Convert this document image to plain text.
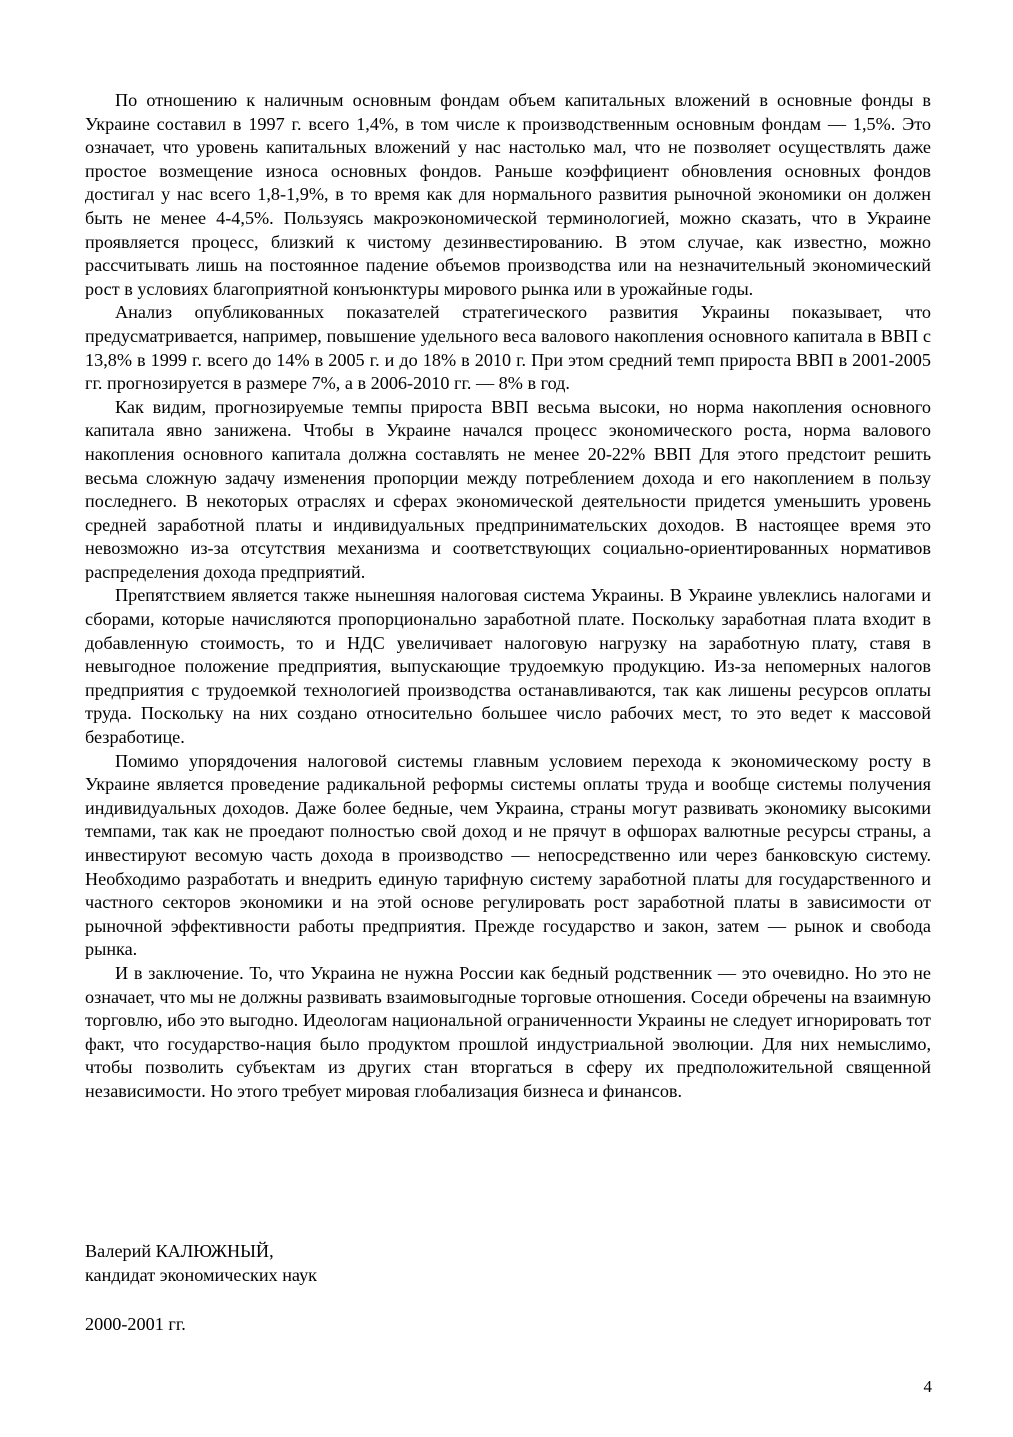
По отношению к наличным основным фондам объем капитальных вложений в основные фонды в Украине составил в 1997 г. всего 1,4%, в том числе к производственным основным фондам — 1,5%. Это означает, что уровень капитальных вложений у нас настолько мал, что не позволяет осуществлять даже простое возмещение износа основных фондов. Раньше коэффициент обновления основных фондов достигал у нас всего 1,8-1,9%, в то время как для нормального развития рыночной экономики он должен быть не менее 4-4,5%. Пользуясь макроэкономической терминологией, можно сказать, что в Украине проявляется процесс, близкий к чистому дезинвестированию. В этом случае, как известно, можно рассчитывать лишь на постоянное падение объемов производства или на незначительный экономический рост в условиях благоприятной конъюнктуры мирового рынка или в урожайные годы.

Анализ опубликованных показателей стратегического развития Украины показывает, что предусматривается, например, повышение удельного веса валового накопления основного капитала в ВВП с 13,8% в 1999 г. всего до 14% в 2005 г. и до 18% в 2010 г. При этом средний темп прироста ВВП в 2001-2005 гг. прогнозируется в размере 7%, а в 2006-2010 гг. — 8% в год.

Как видим, прогнозируемые темпы прироста ВВП весьма высоки, но норма накопления основного капитала явно занижена. Чтобы в Украине начался процесс экономического роста, норма валового накопления основного капитала должна составлять не менее 20-22% ВВП Для этого предстоит решить весьма сложную задачу изменения пропорции между потреблением дохода и его накоплением в пользу последнего. В некоторых отраслях и сферах экономической деятельности придется уменьшить уровень средней заработной платы и индивидуальных предпринимательских доходов. В настоящее время это невозможно из-за отсутствия механизма и соответствующих социально-ориентированных нормативов распределения дохода предприятий.

Препятствием является также нынешняя налоговая система Украины. В Украине увлеклись налогами и сборами, которые начисляются пропорционально заработной плате. Поскольку заработная плата входит в добавленную стоимость, то и НДС увеличивает налоговую нагрузку на заработную плату, ставя в невыгодное положение предприятия, выпускающие трудоемкую продукцию. Из-за непомерных налогов предприятия с трудоемкой технологией производства останавливаются, так как лишены ресурсов оплаты труда. Поскольку на них создано относительно большее число рабочих мест, то это ведет к массовой безработице.

Помимо упорядочения налоговой системы главным условием перехода к экономическому росту в Украине является проведение радикальной реформы системы оплаты труда и вообще системы получения индивидуальных доходов. Даже более бедные, чем Украина, страны могут развивать экономику высокими темпами, так как не проедают полностью свой доход и не прячут в офшорах валютные ресурсы страны, а инвестируют весомую часть дохода в производство — непосредственно или через банковскую систему. Необходимо разработать и внедрить единую тарифную систему заработной платы для государственного и частного секторов экономики и на этой основе регулировать рост заработной платы в зависимости от рыночной эффективности работы предприятия. Прежде государство и закон, затем — рынок и свобода рынка.

И в заключение. То, что Украина не нужна России как бедный родственник — это очевидно. Но это не означает, что мы не должны развивать взаимовыгодные торговые отношения. Соседи обречены на взаимную торговлю, ибо это выгодно. Идеологам национальной ограниченности Украины не следует игнорировать тот факт, что государство-нация было продуктом прошлой индустриальной эволюции. Для них немыслимо, чтобы позволить субъектам из других стан вторгаться в сферу их предположительной священной независимости. Но этого требует мировая глобализация бизнеса и финансов.

Валерий КАЛЮЖНЫЙ,
кандидат экономических наук
2000-2001 гг.
4
